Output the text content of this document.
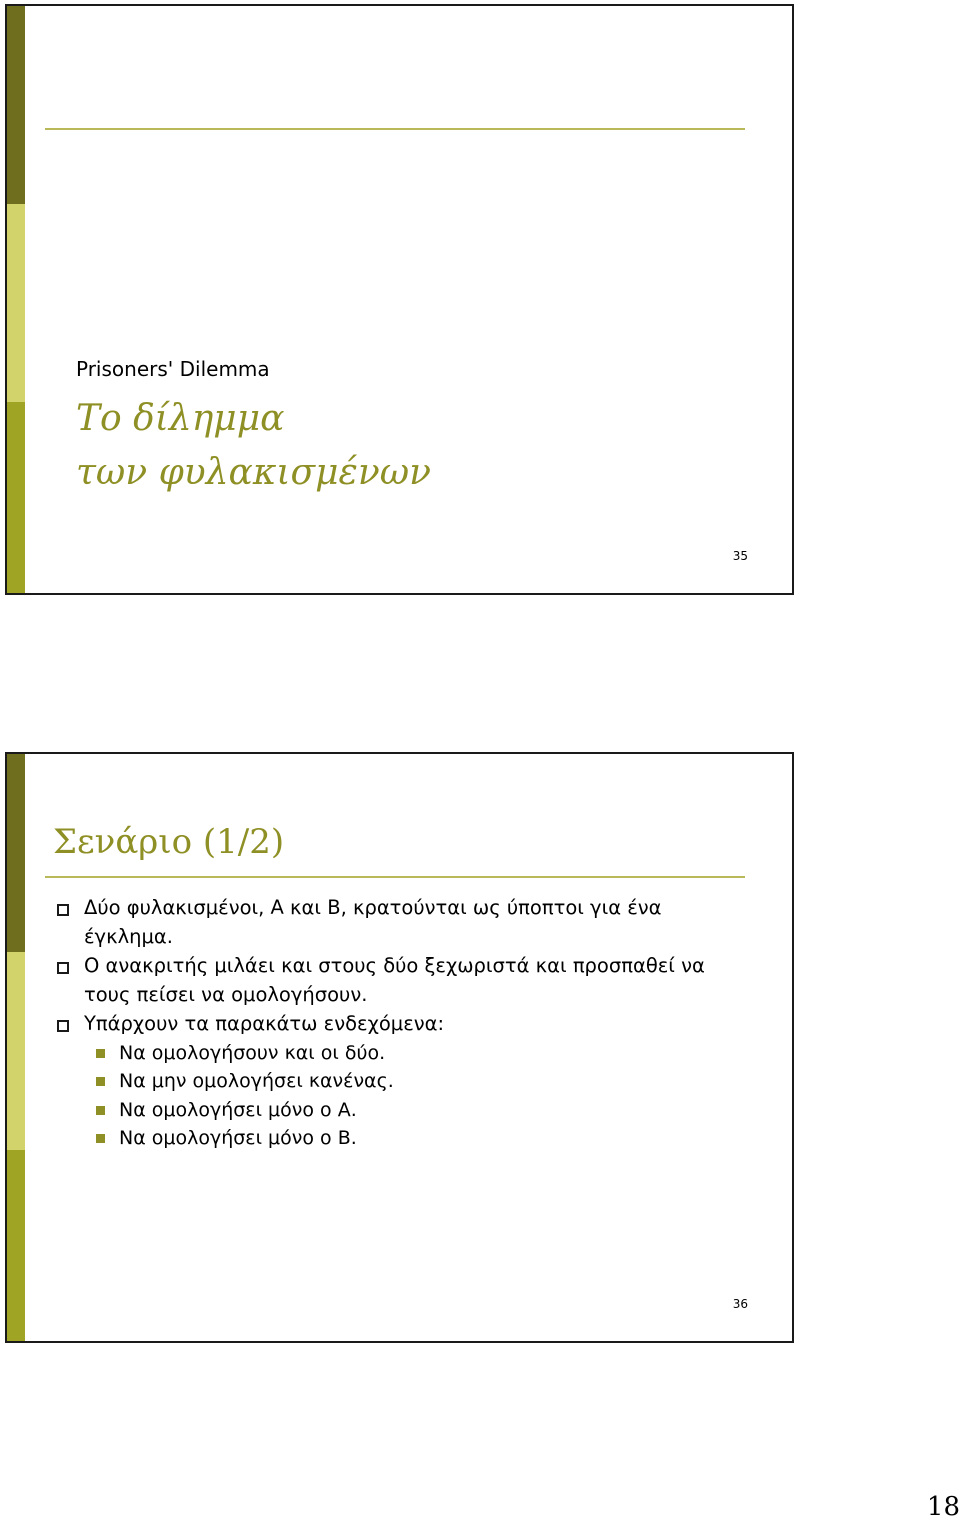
Prisoners' Dilemma
Το δίλημμα
των φυλακισμένων
35
Σενάριο (1/2)
Δύο φυλακισμένοι, Α και Β, κρατούνται ως ύποπτοι για ένα έγκλημα.
Ο ανακριτής μιλάει και στους δύο ξεχωριστά και προσπαθεί να τους πείσει να ομολογήσουν.
Υπάρχουν τα παρακάτω ενδεχόμενα:
Να ομολογήσουν και οι δύο.
Να μην ομολογήσει κανένας.
Να ομολογήσει μόνο ο Α.
Να ομολογήσει μόνο ο Β.
36
18
